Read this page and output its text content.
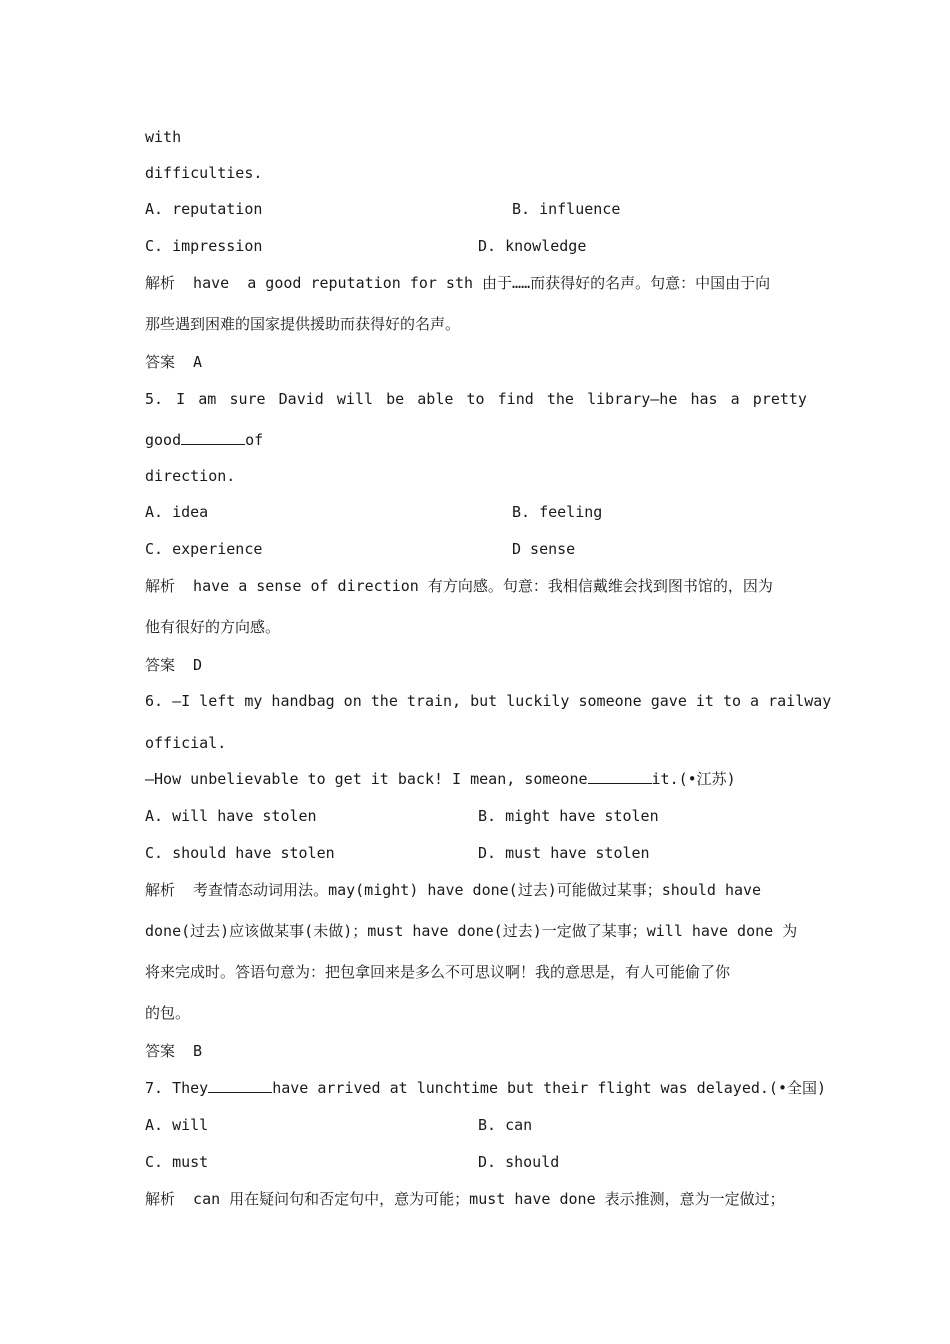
with
difficulties.
A. reputation	B. influence
C. impression	D. knowledge
解析  have  a good reputation for sth 由于……而获得好的名声。句意：中国由于向
那些遇到困难的国家提供援助而获得好的名声。
答案  A
5. I am sure David will be able to find the library—he has a pretty
good	of
direction.
A. idea	B. feeling
C. experience	D sense
解析  have a sense of direction 有方向感。句意：我相信戴维会找到图书馆的，因为
他有很好的方向感。
答案  D
6. —I left my handbag on the train, but luckily someone gave it to a railway
official.
—How unbelievable to get it back! I mean, someone	it.(•江苏)
A. will have stolen	B. might have stolen
C. should have stolen	D. must have stolen
解析  考查情态动词用法。may(might) have done(过去)可能做过某事；should have
done(过去)应该做某事(未做)；must have done(过去)一定做了某事；will have done 为
将来完成时。答语句意为：把包拿回来是多么不可思议啊！我的意思是，有人可能偷了你
的包。
答案  B
7. They	have arrived at lunchtime but their flight was delayed.(•全国)
A. will	B. can
C. must	D. should
解析  can 用在疑问句和否定句中，意为可能；must have done 表示推测，意为一定做过；
